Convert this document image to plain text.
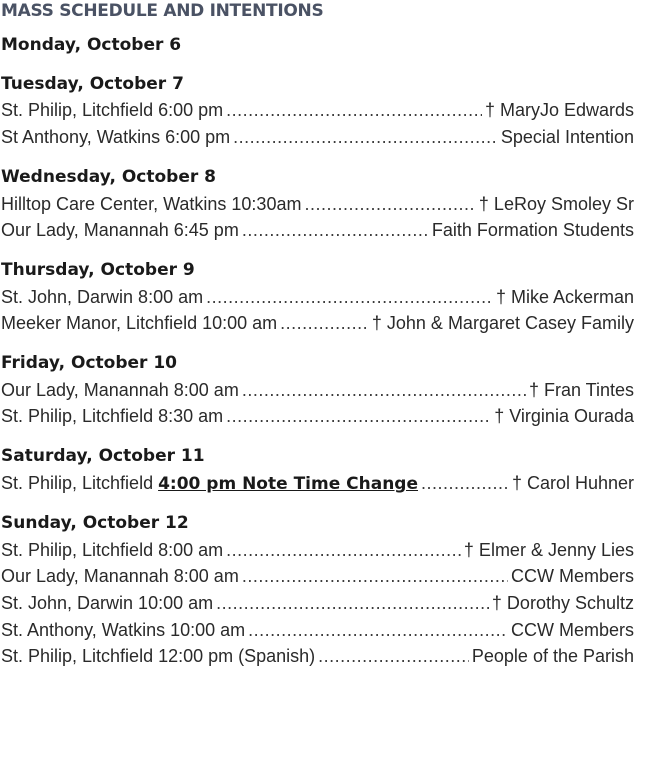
MASS SCHEDULE AND INTENTIONS
Monday, October 6
Tuesday, October 7
St. Philip, Litchfield 6:00 pm .....	† MaryJo Edwards
St Anthony, Watkins 6:00 pm .....	Special Intention
Wednesday, October 8
Hilltop Care Center, Watkins 10:30am .....	† LeRoy Smoley Sr
Our Lady, Manannah 6:45 pm .....	Faith Formation Students
Thursday, October 9
St. John, Darwin 8:00 am .....	† Mike Ackerman
Meeker Manor, Litchfield 10:00 am .....	† John & Margaret Casey Family
Friday, October 10
Our Lady, Manannah 8:00 am .....	† Fran Tintes
St. Philip, Litchfield 8:30 am .....	† Virginia Ourada
Saturday, October 11
St. Philip, Litchfield 4:00 pm Note Time Change .....	† Carol Huhner
Sunday, October 12
St. Philip, Litchfield 8:00 am .....	† Elmer & Jenny Lies
Our Lady, Manannah 8:00 am .....	CCW Members
St. John, Darwin 10:00 am .....	† Dorothy Schultz
St. Anthony, Watkins 10:00 am .....	CCW Members
St. Philip, Litchfield 12:00 pm (Spanish) .....	People of the Parish
